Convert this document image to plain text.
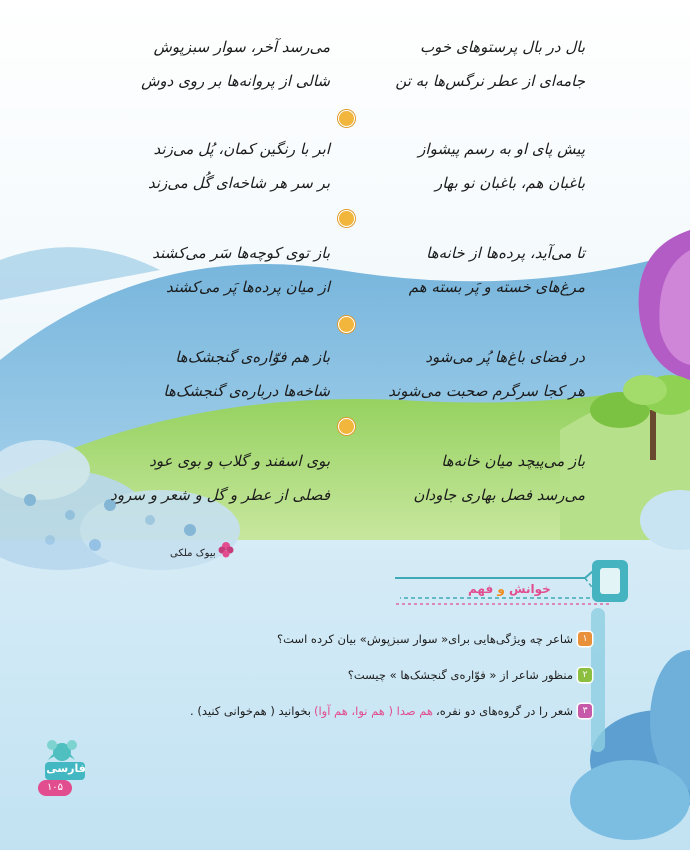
بال در بال پرستوهای خوب
جامه‌ای از عطر نرگس‌ها به تن
می‌رسد آخر، سوار سبزپوش
شالی از پروانه‌ها بر روی دوش
پیش پای او به رسم پیشواز
باغبان هم، باغبان نو بهار
ابر با رنگین کمان، پُل می‌زند
بر سر هر شاخه‌ای گُل می‌زند
تا می‌آید، پرده‌ها از خانه‌ها
مرغ‌های خسته و پَر بسته هم
باز توی کوچه‌ها سَر می‌کشند
از میان پرده‌ها پَر می‌کشند
در فضای باغ‌ها پُر می‌شود
هر کجا سرگرم صحبت می‌شوند
باز هم فوّاره‌ی گنجشک‌ها
شاخه‌ها درباره‌ی گنجشک‌ها
باز می‌پیچد میان خانه‌ها
می‌رسد فصل بهاری جاودان
بوی اسفند و گلاب و بوی عود
فصلی از عطر و گل و شعر و سرود
بیوک ملکی
خوانش و فهم
۱
شاعر چه ویژگی‌هایی برای« سوار سبزپوش» بیان کرده است؟
۲
منظور شاعر از « فوّاره‌ی گنجشک‌ها » چیست؟
۳
شعر را در گروه‌های دو نفره،
هم صدا ( هم نوا، هم آوا)
بخوانید ( هم‌خوانی کنید) .
فارسی
۱۰۵
